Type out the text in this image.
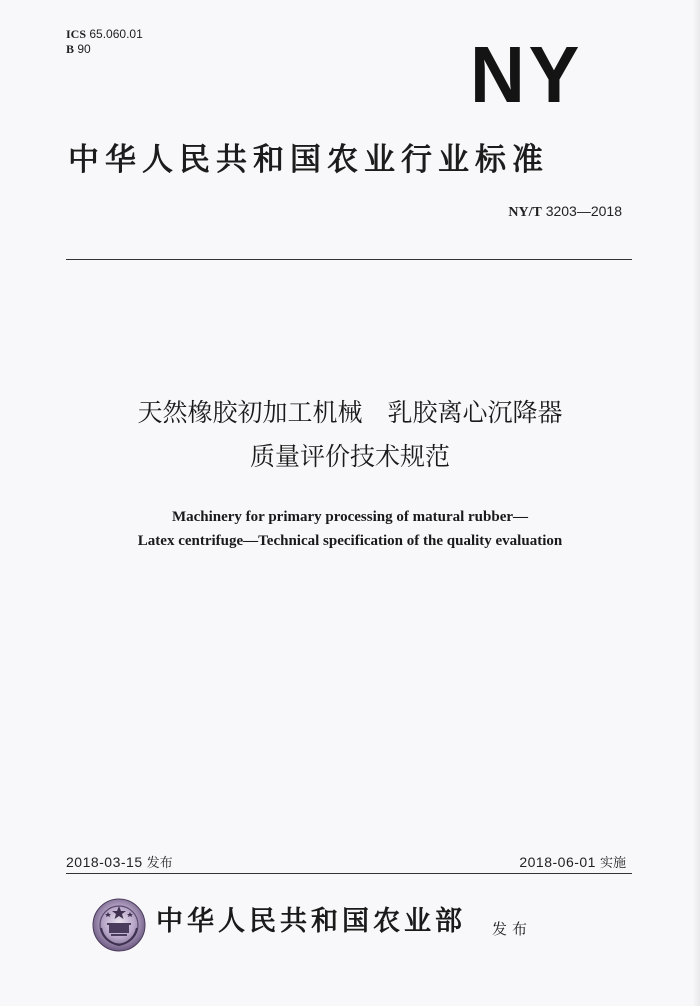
ICS 65.060.01
B 90	NY
中华人民共和国农业行业标准
NY/T 3203—2018
天然橡胶初加工机械　乳胶离心沉降器
质量评价技术规范
Machinery for primary processing of matural rubber—
Latex centrifuge—Technical specification of the quality evaluation
2018-03-15 发布	2018-06-01 实施
中华人民共和国农业部 发布
